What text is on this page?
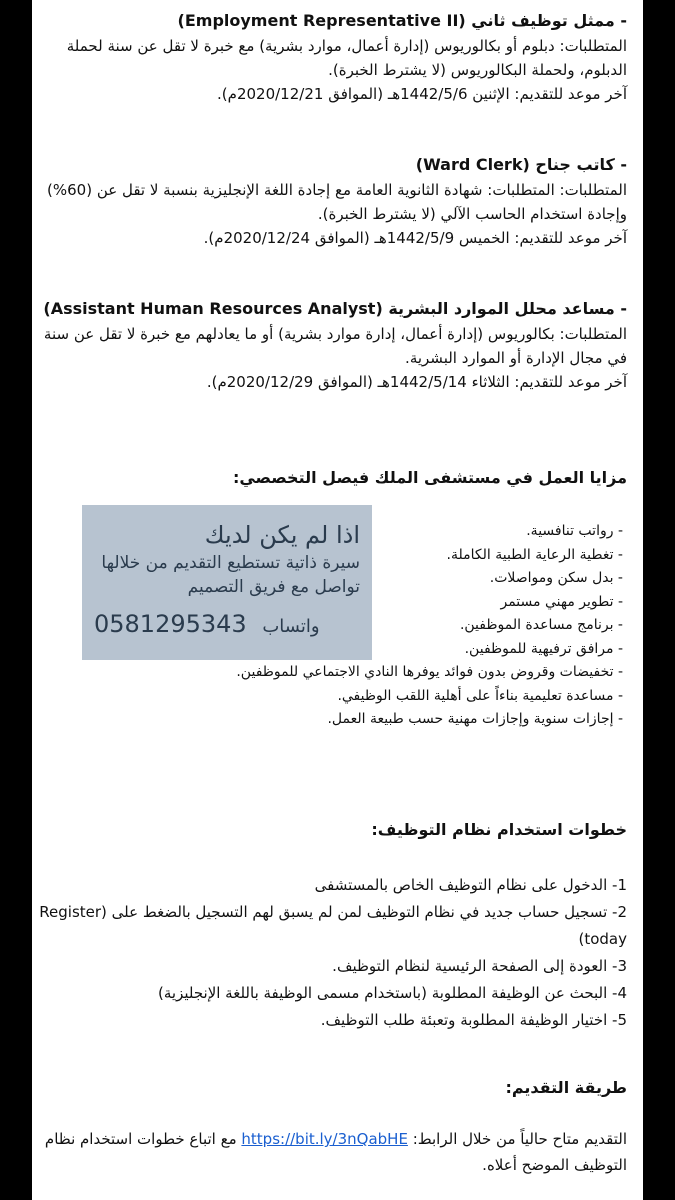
- ممثل توظيف ثاني (Employment Representative II)

المتطلبات: دبلوم أو بكالوريوس (إدارة أعمال، موارد بشرية) مع خبرة لا تقل عن سنة لحملة الدبلوم، ولحملة البكالوريوس (لا يشترط الخبرة).

آخر موعد للتقديم: الإثنين 1442/5/6هـ (الموافق 2020/12/21م).

- كاتب جناح (Ward Clerk)

المتطلبات: المتطلبات: شهادة الثانوية العامة مع إجادة اللغة الإنجليزية بنسبة لا تقل عن (60%) وإجادة استخدام الحاسب الآلي (لا يشترط الخبرة).

آخر موعد للتقديم: الخميس 1442/5/9هـ (الموافق 2020/12/24م).

- مساعد محلل الموارد البشرية (Assistant Human Resources Analyst)

المتطلبات: بكالوريوس (إدارة أعمال، إدارة موارد بشرية) أو ما يعادلهم مع خبرة لا تقل عن سنة في مجال الإدارة أو الموارد البشرية.

آخر موعد للتقديم: الثلاثاء 1442/5/14هـ (الموافق 2020/12/29م).

مزايا العمل في مستشفى الملك فيصل التخصصي:
- رواتب تنافسية.
- تغطية الرعاية الطبية الكاملة.
- بدل سكن ومواصلات.
- تطوير مهني مستمر
- برنامج مساعدة الموظفين.
- مرافق ترفيهية للموظفين.
- تخفيضات وقروض بدون فوائد يوفرها النادي الاجتماعي للموظفين.
- مساعدة تعليمية بناءاً على أهلية اللقب الوظيفي.
- إجازات سنوية وإجازات مهنية حسب طبيعة العمل.
اذا لم يكن لديك
سيرة ذاتية تستطيع التقديم من خلالها
تواصل مع فريق التصميم
0581295343 واتساب
خطوات استخدام نظام التوظيف:

1- الدخول على نظام التوظيف الخاص بالمستشفى

2- تسجيل حساب جديد في نظام التوظيف لمن لم يسبق لهم التسجيل بالضغط على (Register today)

3- العودة إلى الصفحة الرئيسية لنظام التوظيف.

4- البحث عن الوظيفة المطلوبة (باستخدام مسمى الوظيفة باللغة الإنجليزية)

5- اختيار الوظيفة المطلوبة وتعبئة طلب التوظيف.

طريقة التقديم:
التقديم متاح حالياً من خلال الرابط: https://bit.ly/3nQabHE مع اتباع خطوات استخدام نظام التوظيف الموضح أعلاه.
